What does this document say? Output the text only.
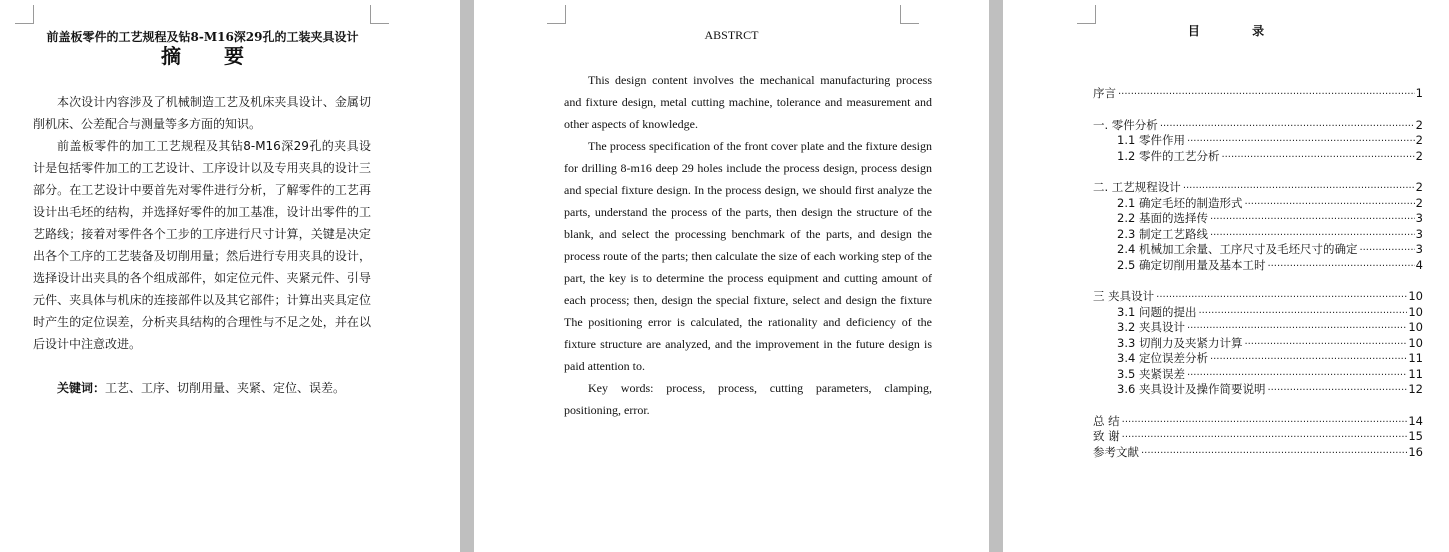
前盖板零件的工艺规程及钻8-M16深29孔的工装夹具设计
摘 要

本次设计内容涉及了机械制造工艺及机床夹具设计、金属切削机床、公差配合与测量等多方面的知识。

前盖板零件的加工工艺规程及其钻8-M16深29孔的夹具设计是包括零件加工的工艺设计、工序设计以及专用夹具的设计三部分。在工艺设计中要首先对零件进行分析，了解零件的工艺再设计出毛坯的结构，并选择好零件的加工基准，设计出零件的工艺路线；接着对零件各个工步的工序进行尺寸计算，关键是决定出各个工序的工艺装备及切削用量；然后进行专用夹具的设计，选择设计出夹具的各个组成部件，如定位元件、夹紧元件、引导元件、夹具体与机床的连接部件以及其它部件；计算出夹具定位时产生的定位误差，分析夹具结构的合理性与不足之处，并在以后设计中注意改进。

关键词：工艺、工序、切削用量、夹紧、定位、误差。

ABSTRCT

This design content involves the mechanical manufacturing process and fixture design, metal cutting machine, tolerance and measurement and other aspects of knowledge.

The process specification of the front cover plate and the fixture design for drilling 8-m16 deep 29 holes include the process design, process design and special fixture design. In the process design, we should first analyze the parts, understand the process of the parts, then design the structure of the blank, and select the processing benchmark of the parts, and design the process route of the parts; then calculate the size of each working step of the part, the key is to determine the process equipment and cutting amount of each process; then, design the special fixture, select and design the fixture The positioning error is calculated, the rationality and deficiency of the fixture structure are analyzed, and the improvement in the future design is paid attention to.

Key words: process, process, cutting parameters, clamping, positioning, error.

目 录
序言 ·····	1
一. 零件分析 ·····	2
1.1 零件作用 ·····	2
1.2 零件的工艺分析 ·····	2
二. 工艺规程设计 ·····	2
2.1 确定毛坯的制造形式 ·····	2
2.2 基面的选择传 ·····	3
2.3 制定工艺路线 ·····	3
2.4 机械加工余量、工序尺寸及毛坯尺寸的确定 ·····	3
2.5 确定切削用量及基本工时 ·····	4
三 夹具设计 ·····	10
3.1 问题的提出 ·····	10
3.2 夹具设计 ·····	10
3.3 切削力及夹紧力计算 ·····	10
3.4 定位误差分析 ·····	11
3.5 夹紧误差 ·····	11
3.6 夹具设计及操作简要说明 ·····	12
总 结 ·····	14
致 谢 ·····	15
参考文献 ·····	16
